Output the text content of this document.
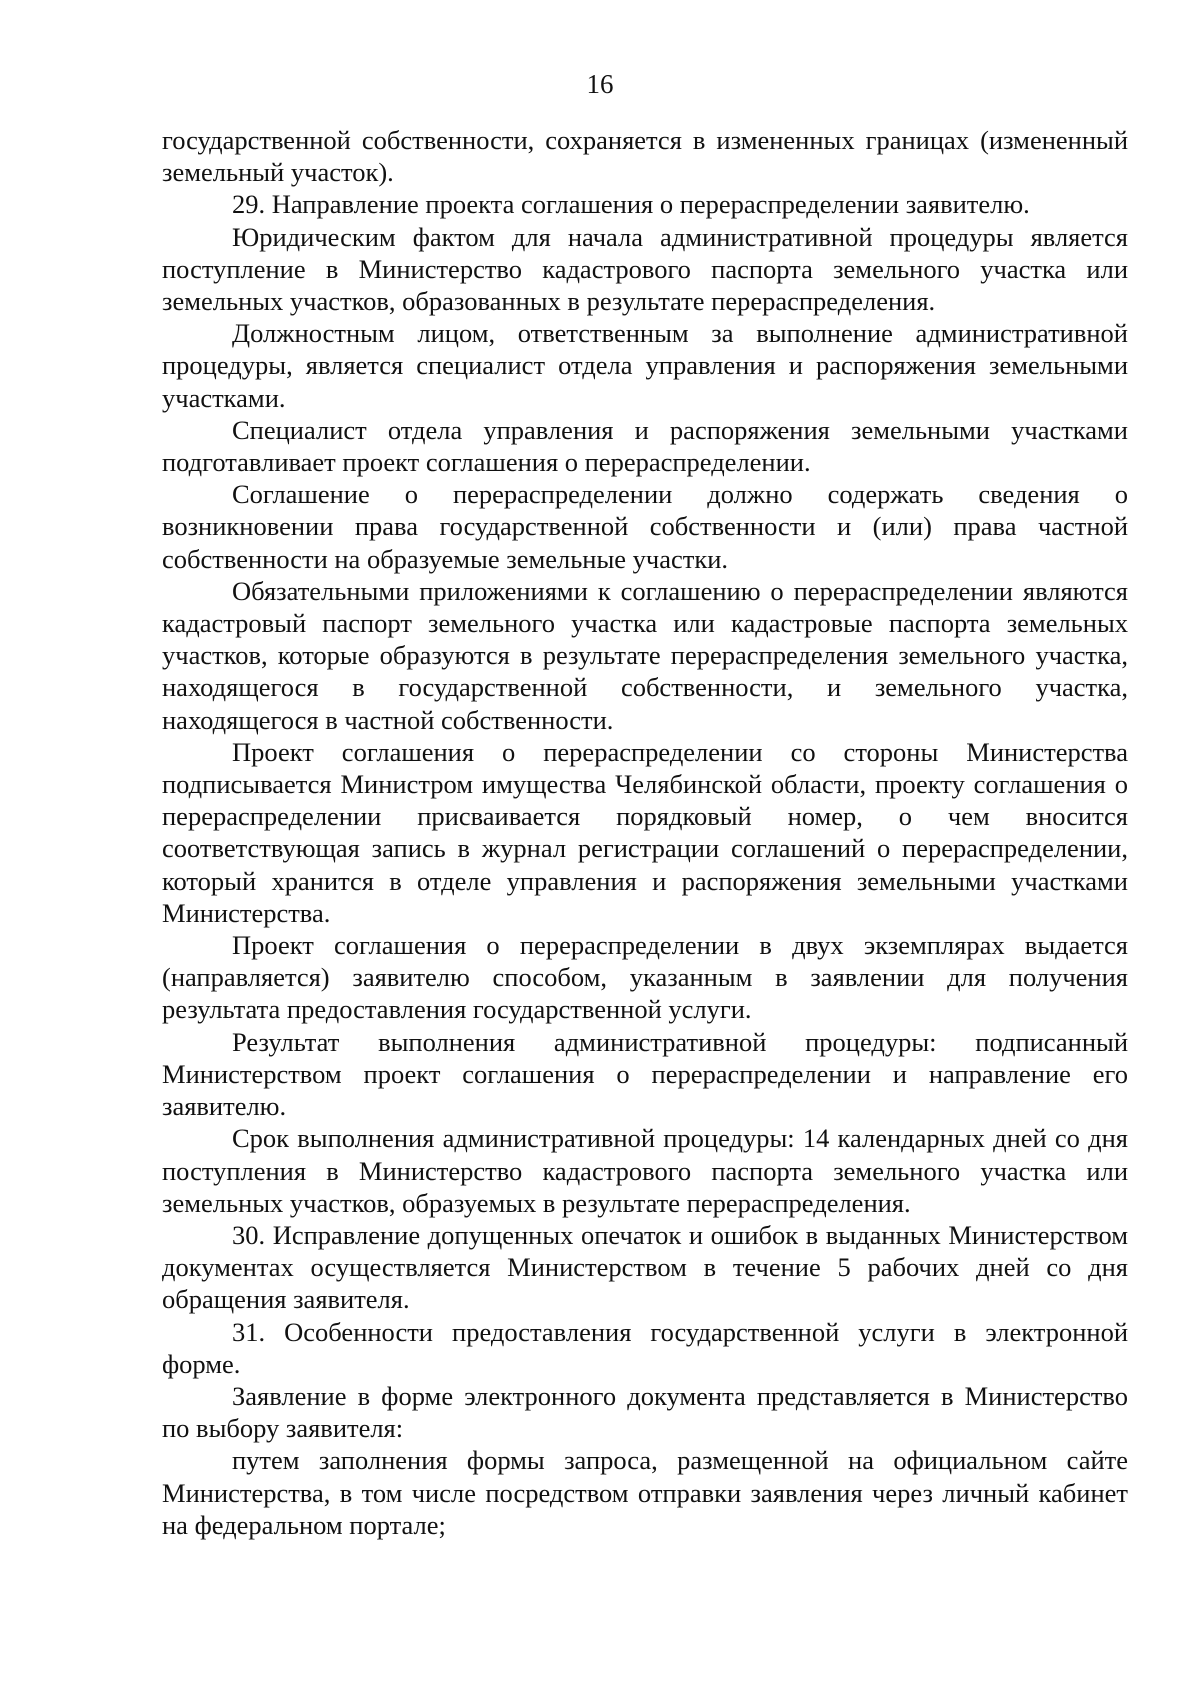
16

государственной собственности, сохраняется в измененных границах (измененный земельный участок).

29. Направление проекта соглашения о перераспределении заявителю.

Юридическим фактом для начала административной процедуры является поступление в Министерство кадастрового паспорта земельного участка или земельных участков, образованных в результате перераспределения.

Должностным лицом, ответственным за выполнение административной процедуры, является специалист отдела управления и распоряжения земельными участками.

Специалист отдела управления и распоряжения земельными участками подготавливает проект соглашения о перераспределении.

Соглашение о перераспределении должно содержать сведения о возникновении права государственной собственности и (или) права частной собственности на образуемые земельные участки.

Обязательными приложениями к соглашению о перераспределении являются кадастровый паспорт земельного участка или кадастровые паспорта земельных участков, которые образуются в результате перераспределения земельного участка, находящегося в государственной собственности, и земельного участка, находящегося в частной собственности.

Проект соглашения о перераспределении со стороны Министерства подписывается Министром имущества Челябинской области, проекту соглашения о перераспределении присваивается порядковый номер, о чем вносится соответствующая запись в журнал регистрации соглашений о перераспределении, который хранится в отделе управления и распоряжения земельными участками Министерства.

Проект соглашения о перераспределении в двух экземплярах выдается (направляется) заявителю способом, указанным в заявлении для получения результата предоставления государственной услуги.

Результат выполнения административной процедуры: подписанный Министерством проект соглашения о перераспределении и направление его заявителю.

Срок выполнения административной процедуры: 14 календарных дней со дня поступления в Министерство кадастрового паспорта земельного участка или земельных участков, образуемых в результате перераспределения.

30. Исправление допущенных опечаток и ошибок в выданных Министерством документах осуществляется Министерством в течение 5 рабочих дней со дня обращения заявителя.

31. Особенности предоставления государственной услуги в электронной форме.

Заявление в форме электронного документа представляется в Министерство по выбору заявителя:

путем заполнения формы запроса, размещенной на официальном сайте Министерства, в том числе посредством отправки заявления через личный кабинет на федеральном портале;
